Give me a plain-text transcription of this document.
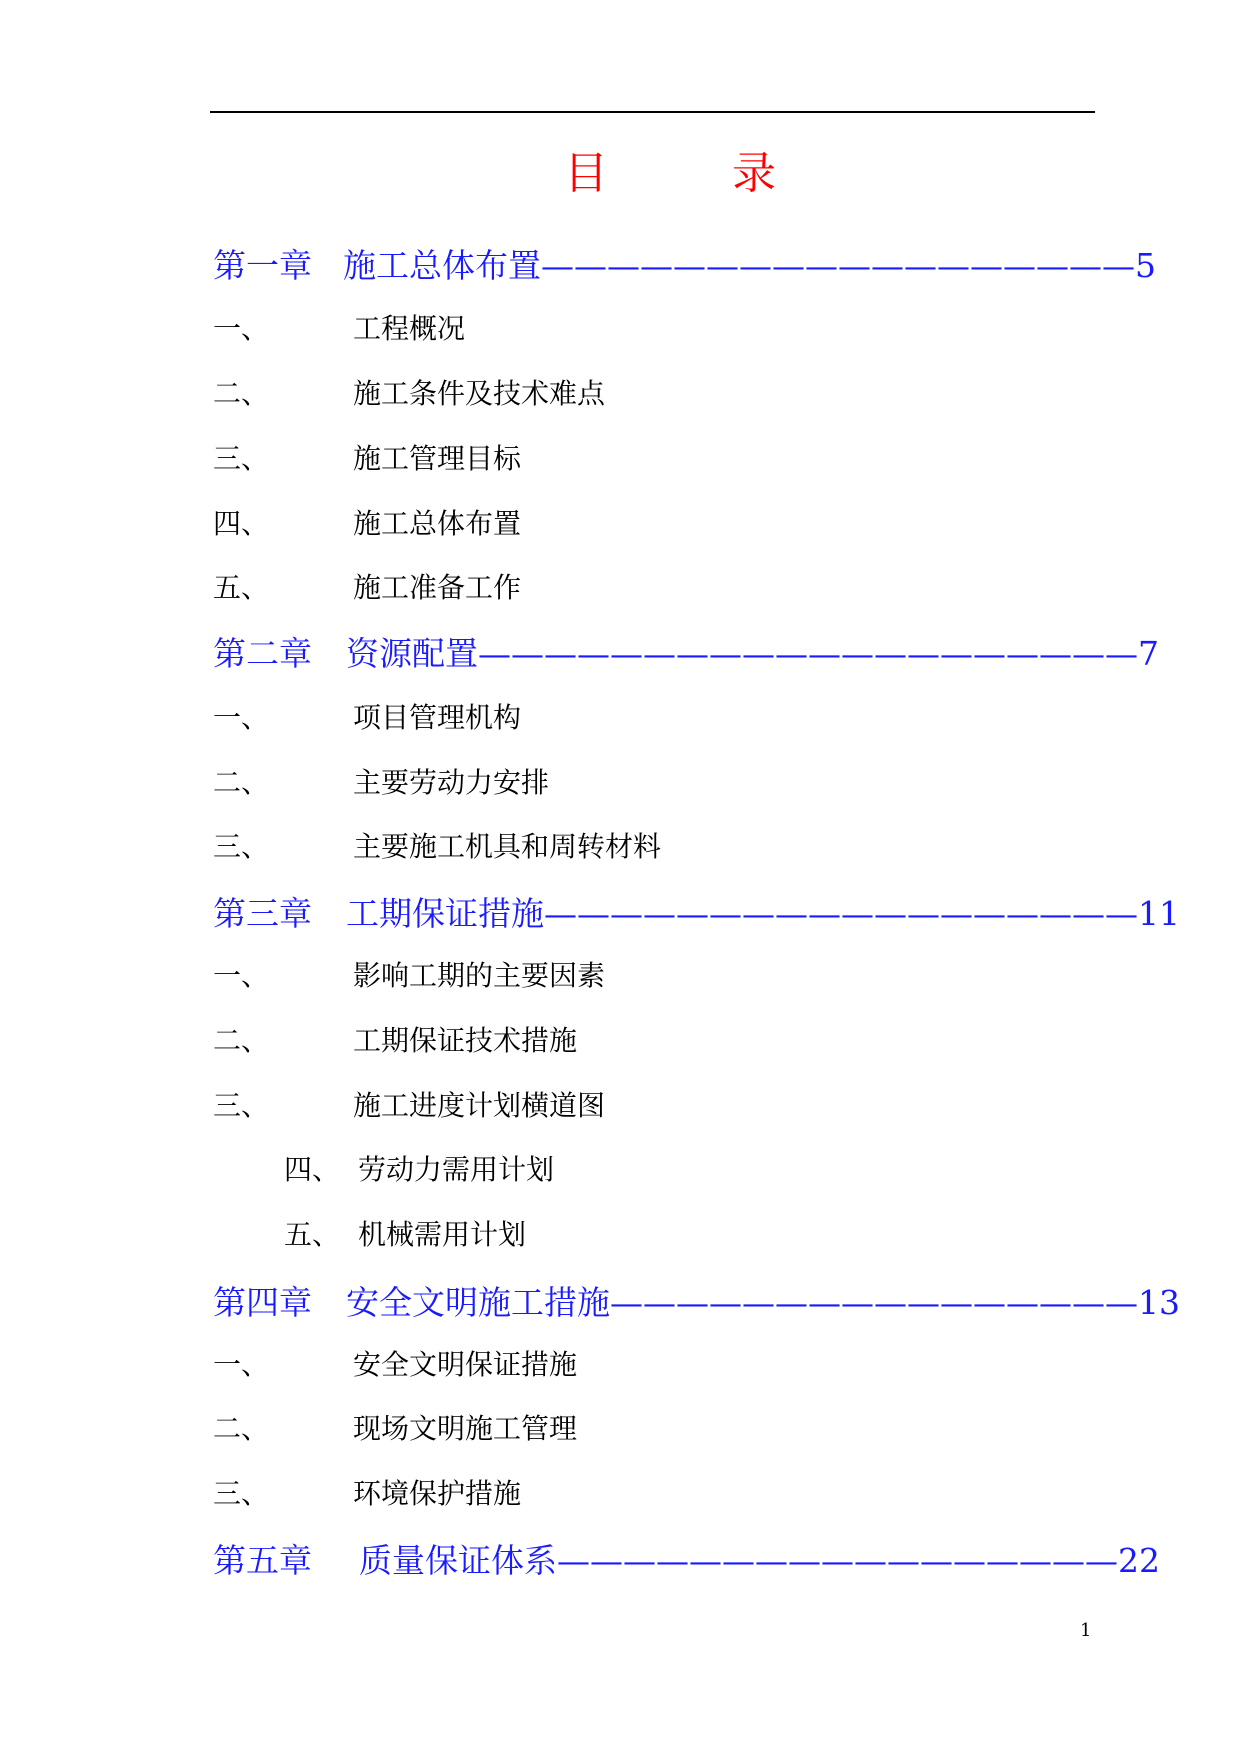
目　录
第一章 施工总体布置——————————————————5
一、	工程概况
二、	施工条件及技术难点
三、	施工管理目标
四、	施工总体布置
五、	施工准备工作
第二章 资源配置————————————————————7
一、	项目管理机构
二、	主要劳动力安排
三、	主要施工机具和周转材料
第三章 工期保证措施——————————————————11
一、	影响工期的主要因素
二、	工期保证技术措施
三、	施工进度计划横道图
四、 劳动力需用计划
五、 机械需用计划
第四章 安全文明施工措施————————————————13
一、	安全文明保证措施
二、	现场文明施工管理
三、	环境保护措施
第五章 质量保证体系—————————————————22
1
